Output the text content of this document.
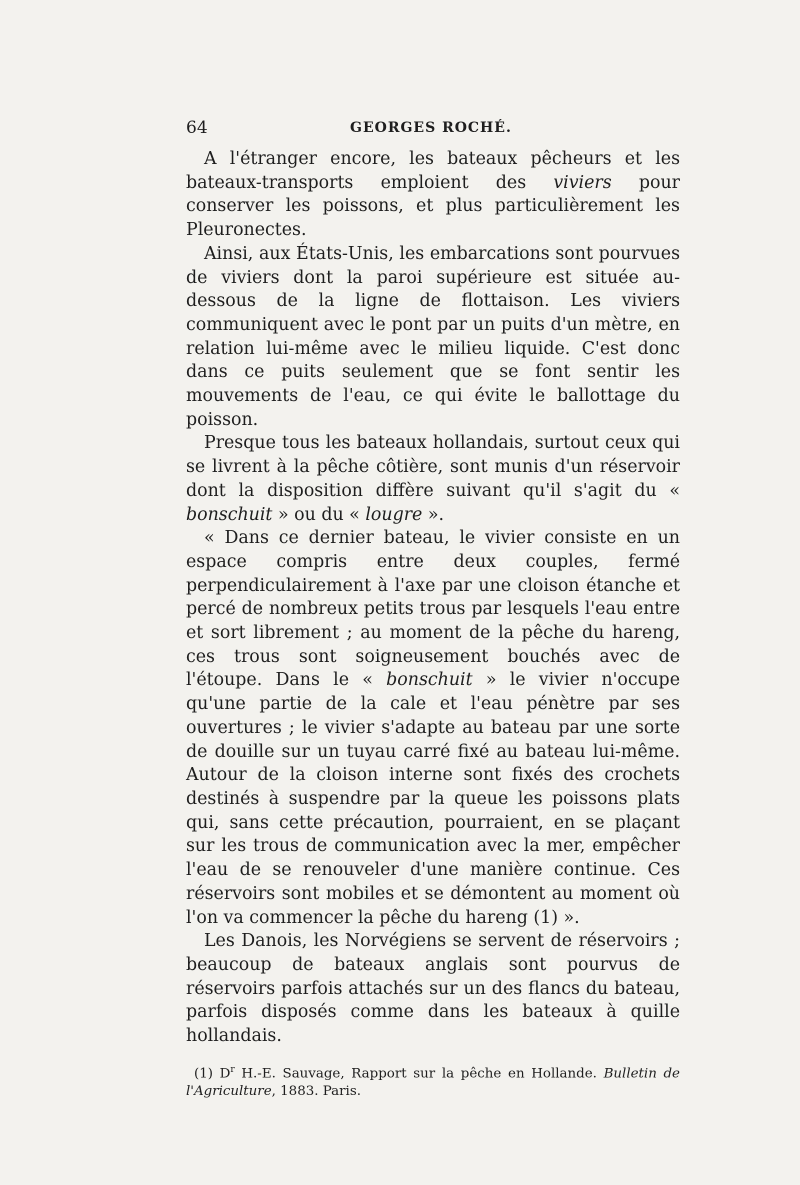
64	GEORGES ROCHÉ.

A l'étranger encore, les bateaux pêcheurs et les bateaux-transports emploient des viviers pour conserver les poissons, et plus particulièrement les Pleuronectes.

Ainsi, aux États-Unis, les embarcations sont pourvues de viviers dont la paroi supérieure est située au-dessous de la ligne de flottaison. Les viviers communiquent avec le pont par un puits d'un mètre, en relation lui-même avec le milieu liquide. C'est donc dans ce puits seulement que se font sentir les mouvements de l'eau, ce qui évite le ballottage du poisson.

Presque tous les bateaux hollandais, surtout ceux qui se livrent à la pêche côtière, sont munis d'un réservoir dont la disposition diffère suivant qu'il s'agit du « bonschuit » ou du « lougre ».

« Dans ce dernier bateau, le vivier consiste en un espace compris entre deux couples, fermé perpendiculairement à l'axe par une cloison étanche et percé de nombreux petits trous par lesquels l'eau entre et sort librement ; au moment de la pêche du hareng, ces trous sont soigneusement bouchés avec de l'étoupe. Dans le « bonschuit » le vivier n'occupe qu'une partie de la cale et l'eau pénètre par ses ouvertures ; le vivier s'adapte au bateau par une sorte de douille sur un tuyau carré fixé au bateau lui-même. Autour de la cloison interne sont fixés des crochets destinés à suspendre par la queue les poissons plats qui, sans cette précaution, pourraient, en se plaçant sur les trous de communication avec la mer, empêcher l'eau de se renouveler d'une manière continue. Ces réservoirs sont mobiles et se démontent au moment où l'on va commencer la pêche du hareng (1) ».

Les Danois, les Norvégiens se servent de réservoirs ; beaucoup de bateaux anglais sont pourvus de réservoirs parfois attachés sur un des flancs du bateau, parfois disposés comme dans les bateaux à quille hollandais.

(1) $D^r$ H.-E. Sauvage, Rapport sur la pêche en Hollande. Bulletin de l'Agriculture, 1883. Paris.
